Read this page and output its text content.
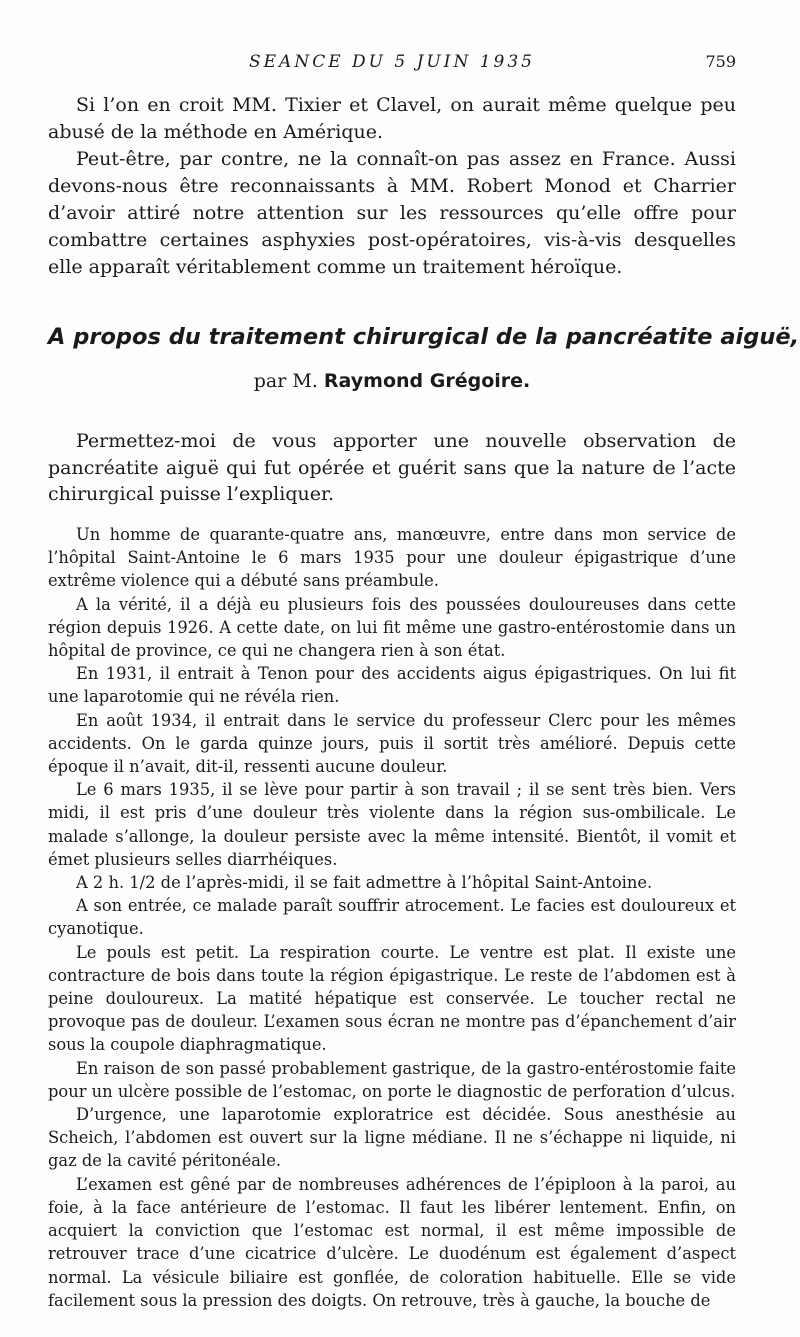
SEANCE DU 5 JUIN 1935	759

Si l’on en croit MM. Tixier et Clavel, on aurait même quelque peu abusé de la méthode en Amérique.

Peut-être, par contre, ne la connaît-on pas assez en France. Aussi devons-nous être reconnaissants à MM. Robert Monod et Charrier d’avoir attiré notre attention sur les ressources qu’elle offre pour combattre certaines asphyxies post-opératoires, vis-à-vis desquelles elle apparaît véritablement comme un traitement héroïque.

A propos du traitement chirurgical de la pancréatite aiguë,
par M. Raymond Grégoire.

Permettez-moi de vous apporter une nouvelle observation de pancréatite aiguë qui fut opérée et guérit sans que la nature de l’acte chirurgical puisse l’expliquer.

Un homme de quarante-quatre ans, manœuvre, entre dans mon service de l’hôpital Saint-Antoine le 6 mars 1935 pour une douleur épigastrique d’une extrême violence qui a débuté sans préambule.

A la vérité, il a déjà eu plusieurs fois des poussées douloureuses dans cette région depuis 1926. A cette date, on lui fit même une gastro-entérostomie dans un hôpital de province, ce qui ne changera rien à son état.

En 1931, il entrait à Tenon pour des accidents aigus épigastriques. On lui fit une laparotomie qui ne révéla rien.

En août 1934, il entrait dans le service du professeur Clerc pour les mêmes accidents. On le garda quinze jours, puis il sortit très amélioré. Depuis cette époque il n’avait, dit-il, ressenti aucune douleur.

Le 6 mars 1935, il se lève pour partir à son travail ; il se sent très bien. Vers midi, il est pris d’une douleur très violente dans la région sus-ombilicale. Le malade s’allonge, la douleur persiste avec la même intensité. Bientôt, il vomit et émet plusieurs selles diarrhéiques.

A 2 h. 1/2 de l’après-midi, il se fait admettre à l’hôpital Saint-Antoine.

A son entrée, ce malade paraît souffrir atrocement. Le facies est douloureux et cyanotique.

Le pouls est petit. La respiration courte. Le ventre est plat. Il existe une contracture de bois dans toute la région épigastrique. Le reste de l’abdomen est à peine douloureux. La matité hépatique est conservée. Le toucher rectal ne provoque pas de douleur. L’examen sous écran ne montre pas d’épanchement d’air sous la coupole diaphragmatique.

En raison de son passé probablement gastrique, de la gastro-entérostomie faite pour un ulcère possible de l’estomac, on porte le diagnostic de perforation d’ulcus.

D’urgence, une laparotomie exploratrice est décidée. Sous anesthésie au Scheich, l’abdomen est ouvert sur la ligne médiane. Il ne s’échappe ni liquide, ni gaz de la cavité péritonéale.

L’examen est gêné par de nombreuses adhérences de l’épiploon à la paroi, au foie, à la face antérieure de l’estomac. Il faut les libérer lentement. Enfin, on acquiert la conviction que l’estomac est normal, il est même impossible de retrouver trace d’une cicatrice d’ulcère. Le duodénum est également d’aspect normal. La vésicule biliaire est gonflée, de coloration habituelle. Elle se vide facilement sous la pression des doigts. On retrouve, très à gauche, la bouche de
